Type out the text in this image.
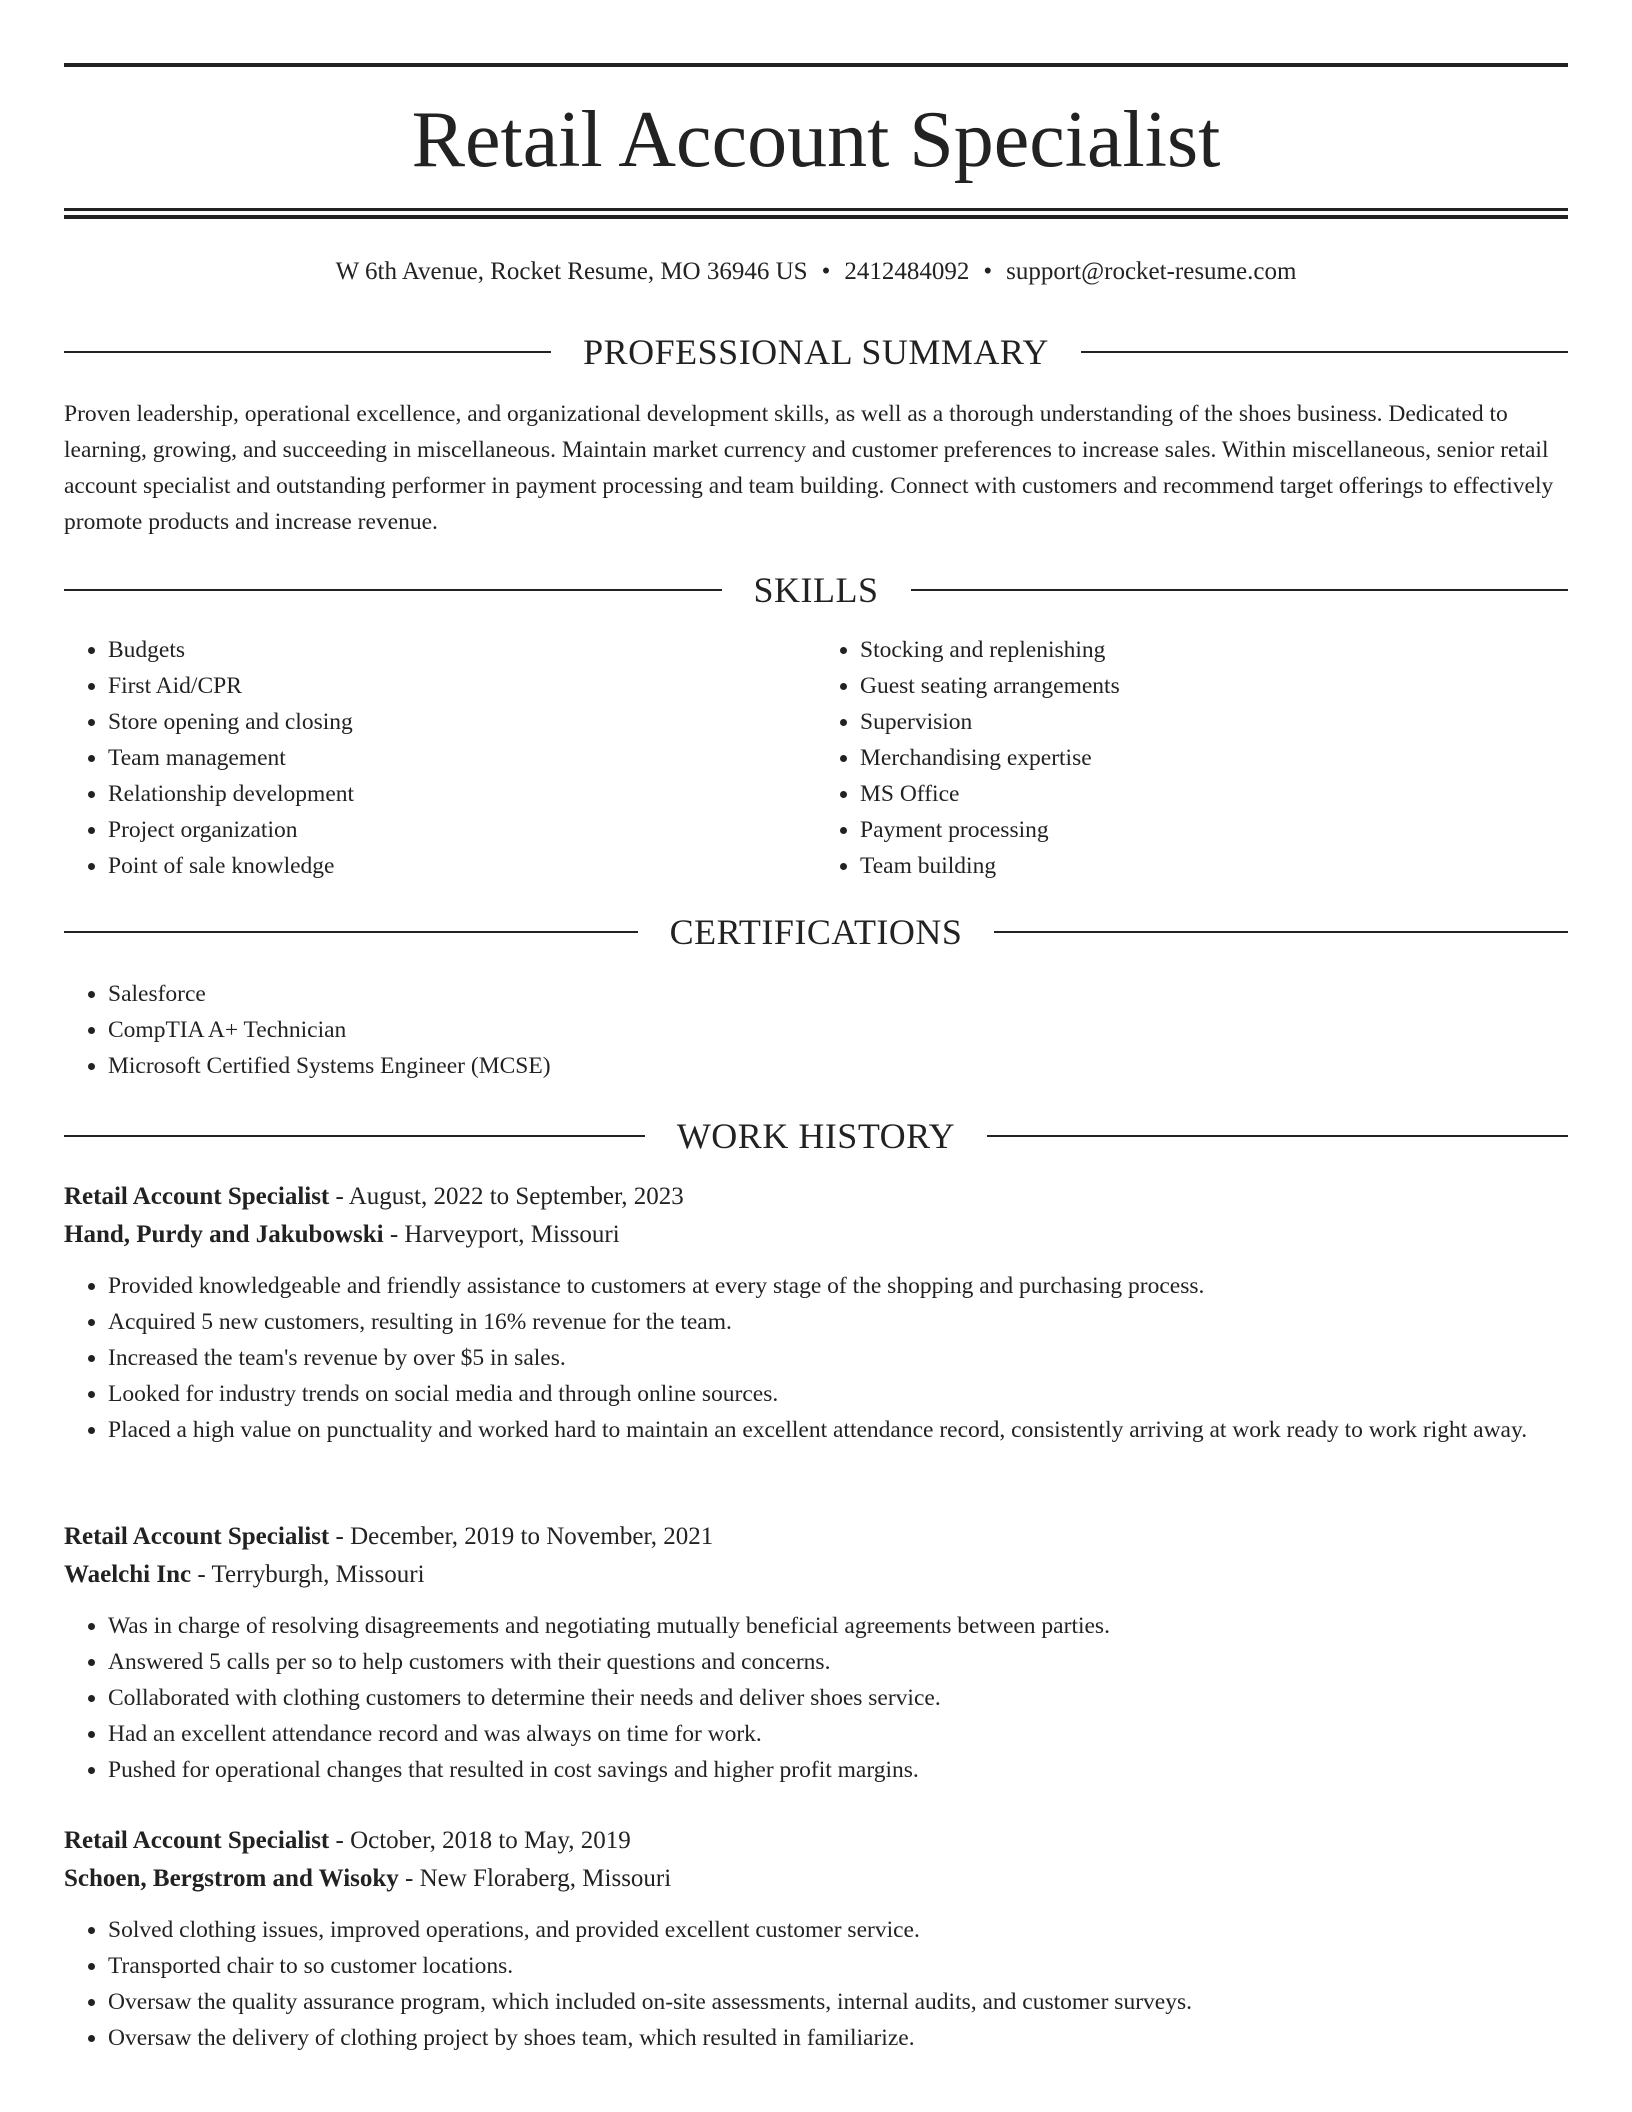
Retail Account Specialist
W 6th Avenue, Rocket Resume, MO 36946 US • 2412484092 • support@rocket-resume.com
PROFESSIONAL SUMMARY

Proven leadership, operational excellence, and organizational development skills, as well as a thorough understanding of the shoes business. Dedicated to learning, growing, and succeeding in miscellaneous. Maintain market currency and customer preferences to increase sales. Within miscellaneous, senior retail account specialist and outstanding performer in payment processing and team building. Connect with customers and recommend target offerings to effectively promote products and increase revenue.

SKILLS
• Budgets
• First Aid/CPR
• Store opening and closing
• Team management
• Relationship development
• Project organization
• Point of sale knowledge
• Stocking and replenishing
• Guest seating arrangements
• Supervision
• Merchandising expertise
• MS Office
• Payment processing
• Team building
CERTIFICATIONS
• Salesforce
• CompTIA A+ Technician
• Microsoft Certified Systems Engineer (MCSE)
WORK HISTORY
Retail Account Specialist - August, 2022 to September, 2023
Hand, Purdy and Jakubowski - Harveyport, Missouri
• Provided knowledgeable and friendly assistance to customers at every stage of the shopping and purchasing process.
• Acquired 5 new customers, resulting in 16% revenue for the team.
• Increased the team's revenue by over $5 in sales.
• Looked for industry trends on social media and through online sources.
• Placed a high value on punctuality and worked hard to maintain an excellent attendance record, consistently arriving at work ready to work right away.
Retail Account Specialist - December, 2019 to November, 2021
Waelchi Inc - Terryburgh, Missouri
• Was in charge of resolving disagreements and negotiating mutually beneficial agreements between parties.
• Answered 5 calls per so to help customers with their questions and concerns.
• Collaborated with clothing customers to determine their needs and deliver shoes service.
• Had an excellent attendance record and was always on time for work.
• Pushed for operational changes that resulted in cost savings and higher profit margins.
Retail Account Specialist - October, 2018 to May, 2019
Schoen, Bergstrom and Wisoky - New Floraberg, Missouri
• Solved clothing issues, improved operations, and provided excellent customer service.
• Transported chair to so customer locations.
• Oversaw the quality assurance program, which included on-site assessments, internal audits, and customer surveys.
• Oversaw the delivery of clothing project by shoes team, which resulted in familiarize.
